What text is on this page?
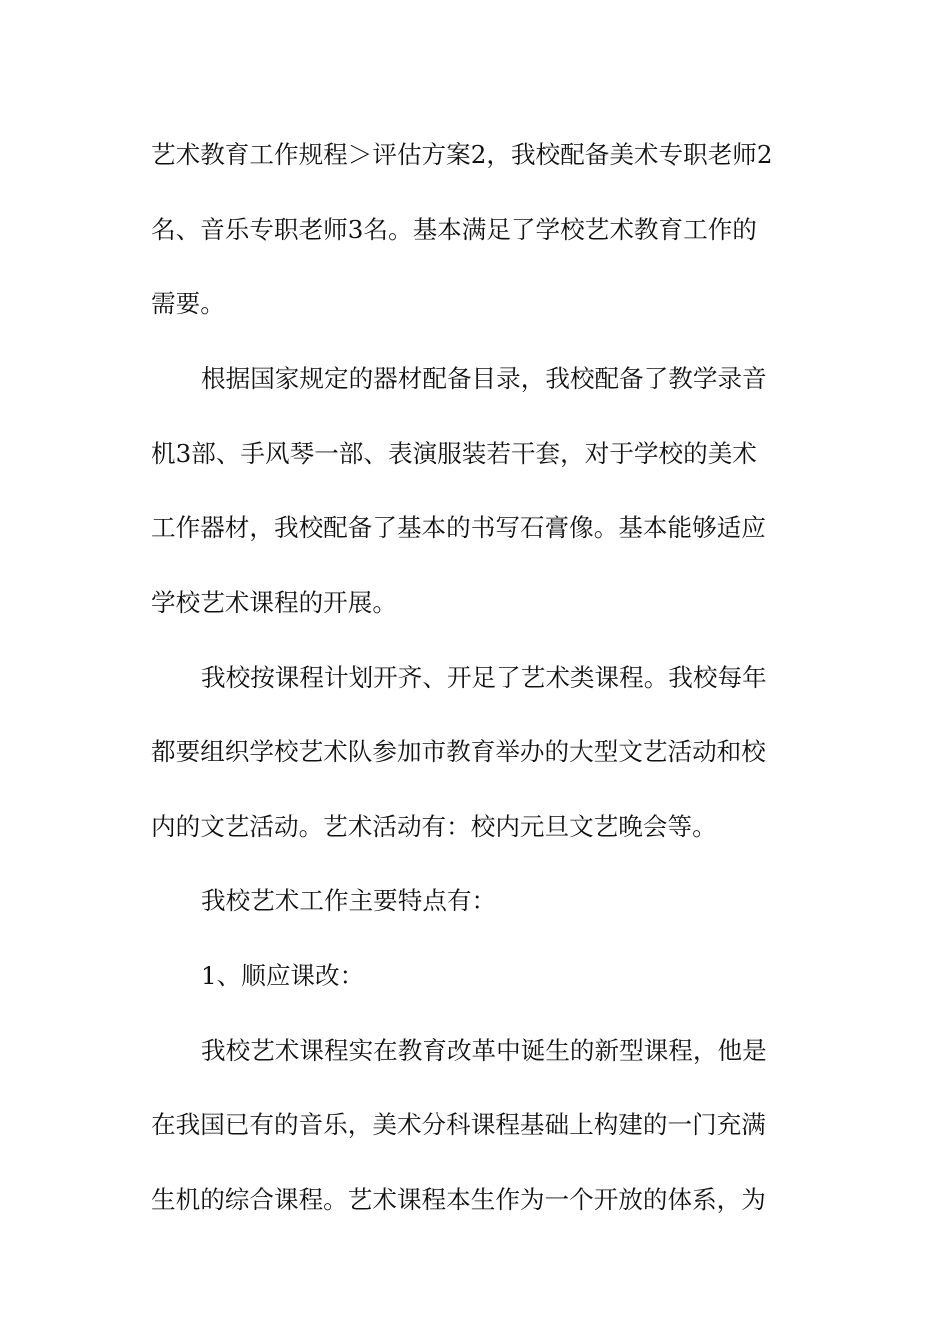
艺术教育工作规程＞评估方案2，我校配备美术专职老师2
名、音乐专职老师3名。基本满足了学校艺术教育工作的
需要。
根据国家规定的器材配备目录，我校配备了教学录音
机3部、手风琴一部、表演服装若干套，对于学校的美术
工作器材，我校配备了基本的书写石膏像。基本能够适应
学校艺术课程的开展。
我校按课程计划开齐、开足了艺术类课程。我校每年
都要组织学校艺术队参加市教育举办的大型文艺活动和校
内的文艺活动。艺术活动有：校内元旦文艺晚会等。
我校艺术工作主要特点有：
1、顺应课改：
我校艺术课程实在教育改革中诞生的新型课程，他是
在我国已有的音乐，美术分科课程基础上构建的一门充满
生机的综合课程。艺术课程本生作为一个开放的体系，为
